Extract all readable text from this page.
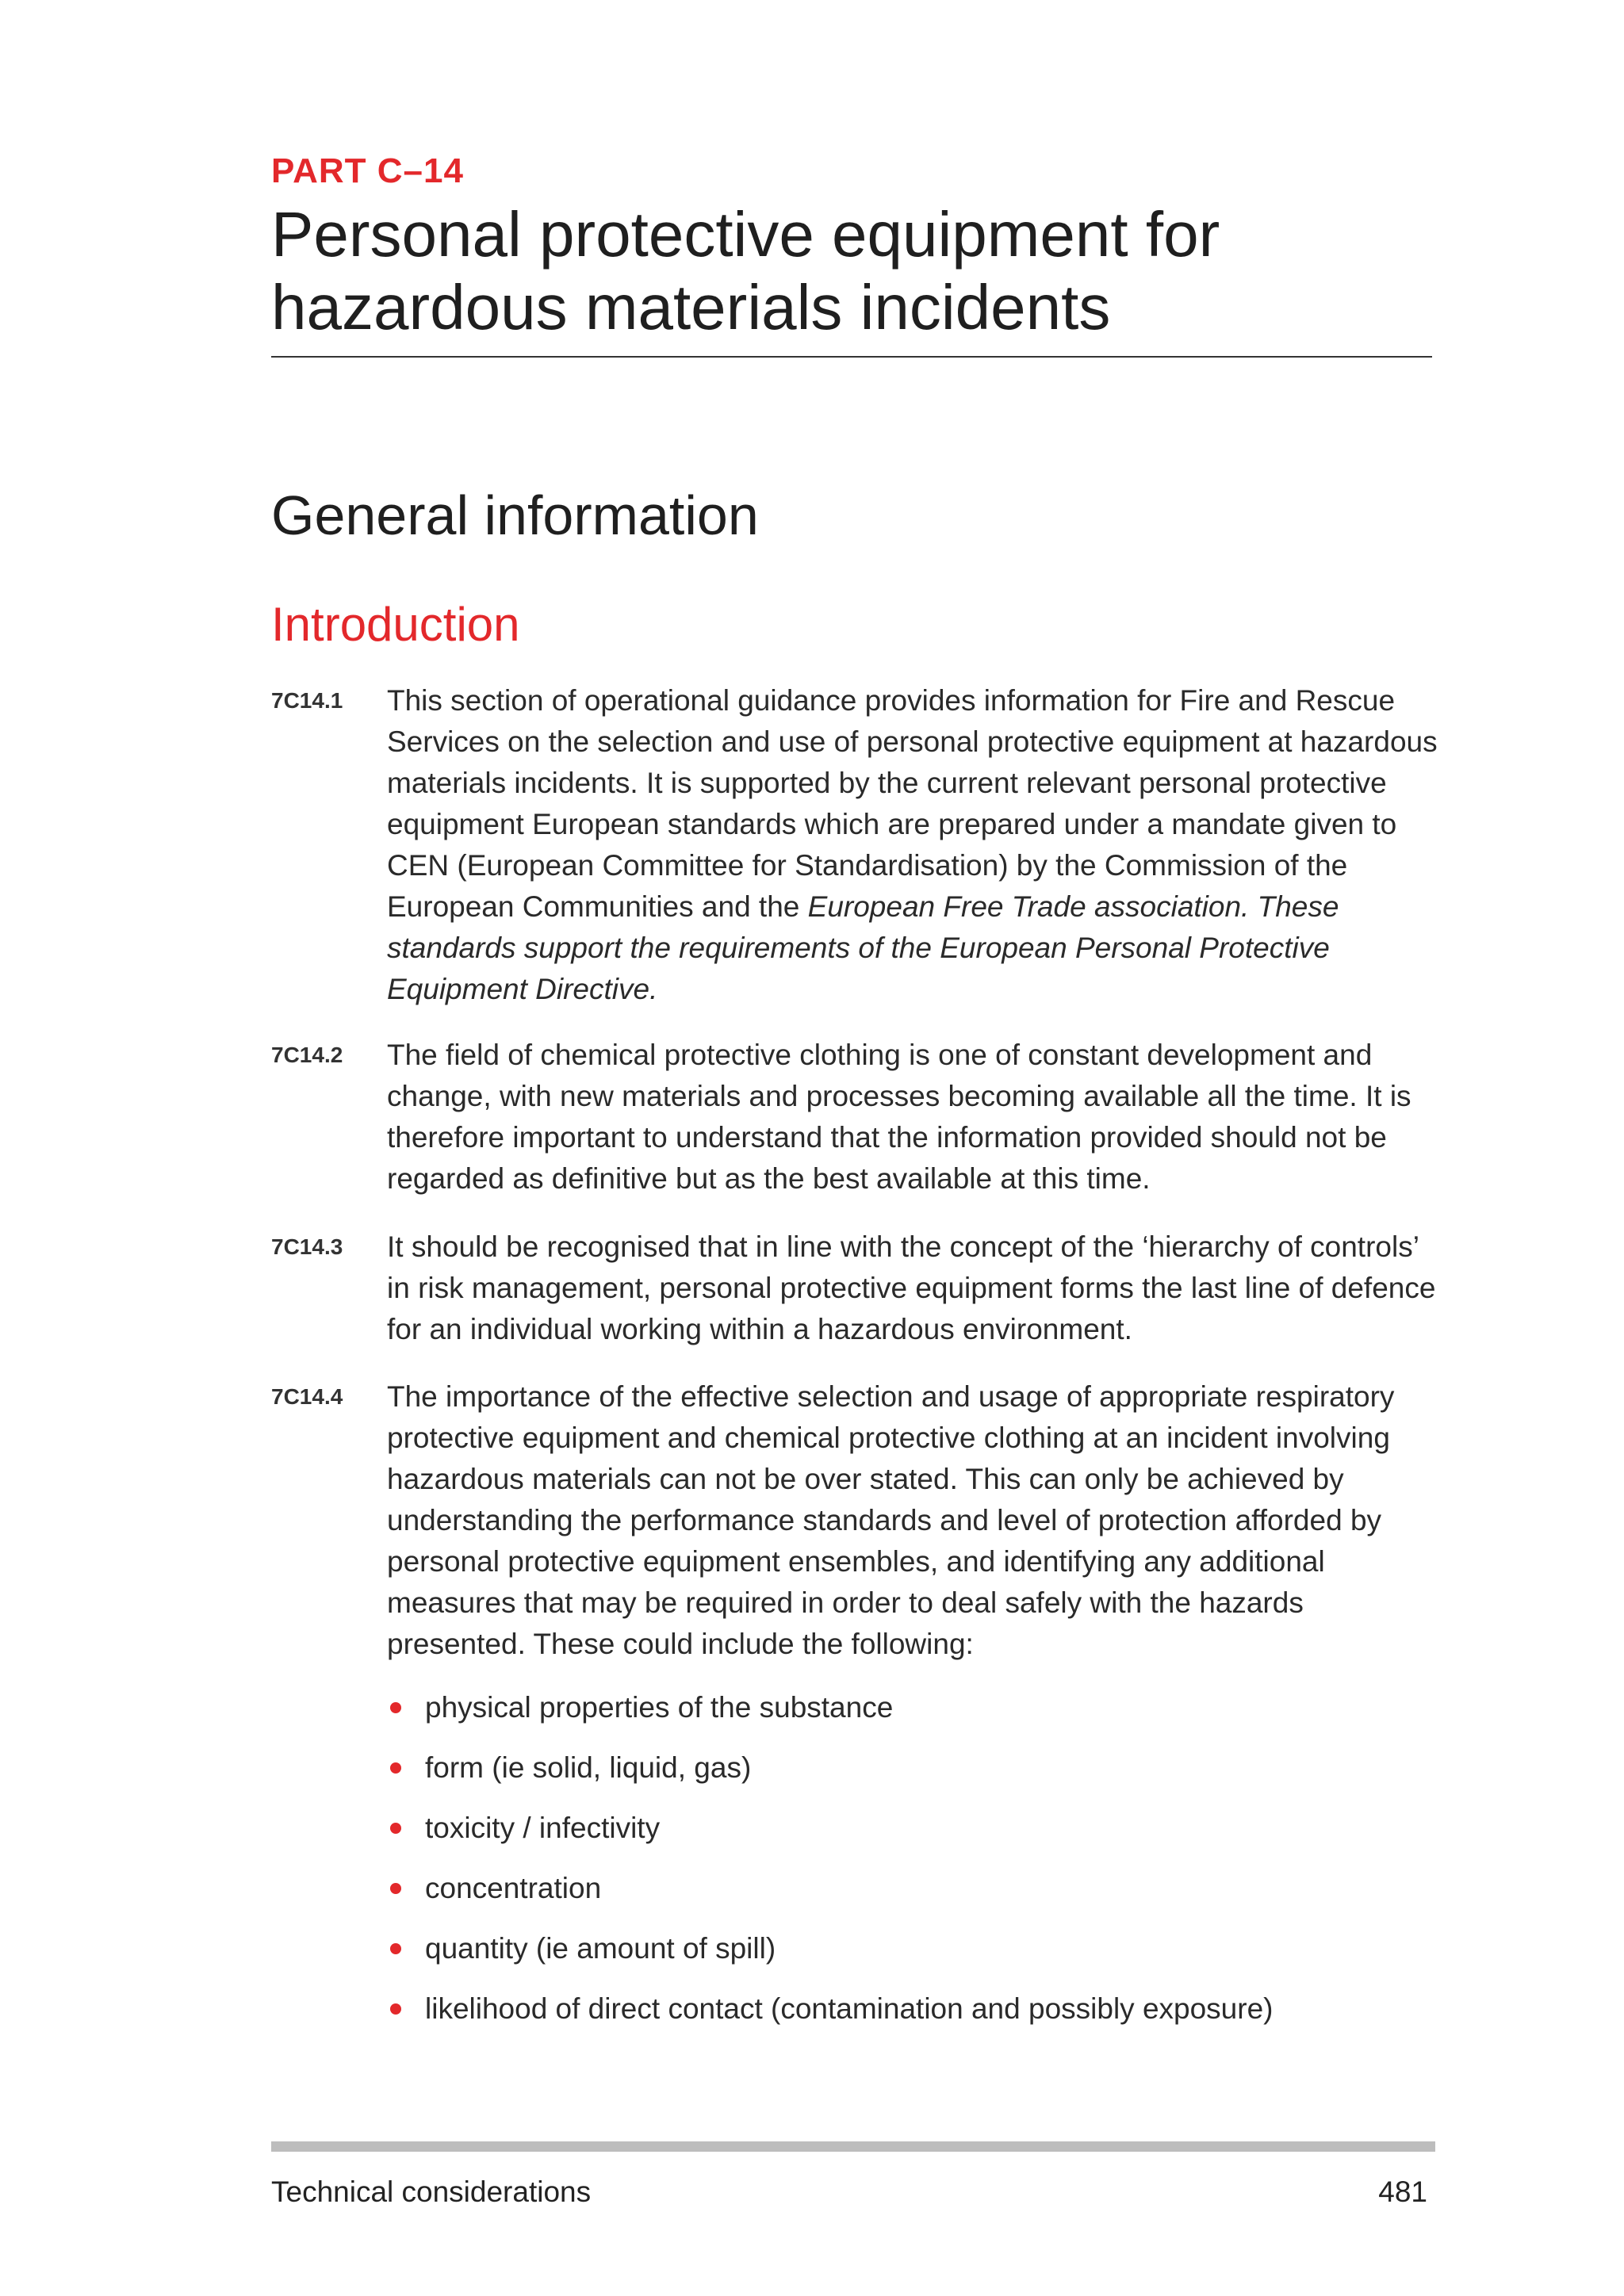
PART C–14
Personal protective equipment for hazardous materials incidents
General information
Introduction
7C14.1 This section of operational guidance provides information for Fire and Rescue Services on the selection and use of personal protective equipment at hazardous materials incidents. It is supported by the current relevant personal protective equipment European standards which are prepared under a mandate given to CEN (European Committee for Standardisation) by the Commission of the European Communities and the European Free Trade association. These standards support the requirements of the European Personal Protective Equipment Directive.

7C14.2 The field of chemical protective clothing is one of constant development and change, with new materials and processes becoming available all the time. It is therefore important to understand that the information provided should not be regarded as definitive but as the best available at this time.

7C14.3 It should be recognised that in line with the concept of the ‘hierarchy of controls’ in risk management, personal protective equipment forms the last line of defence for an individual working within a hazardous environment.

7C14.4 The importance of the effective selection and usage of appropriate respiratory protective equipment and chemical protective clothing at an incident involving hazardous materials can not be over stated. This can only be achieved by understanding the performance standards and level of protection afforded by personal protective equipment ensembles, and identifying any additional measures that may be required in order to deal safely with the hazards presented. These could include the following:

physical properties of the substance
form (ie solid, liquid, gas)
toxicity / infectivity
concentration
quantity (ie amount of spill)
likelihood of direct contact (contamination and possibly exposure)
Technical considerations	481
